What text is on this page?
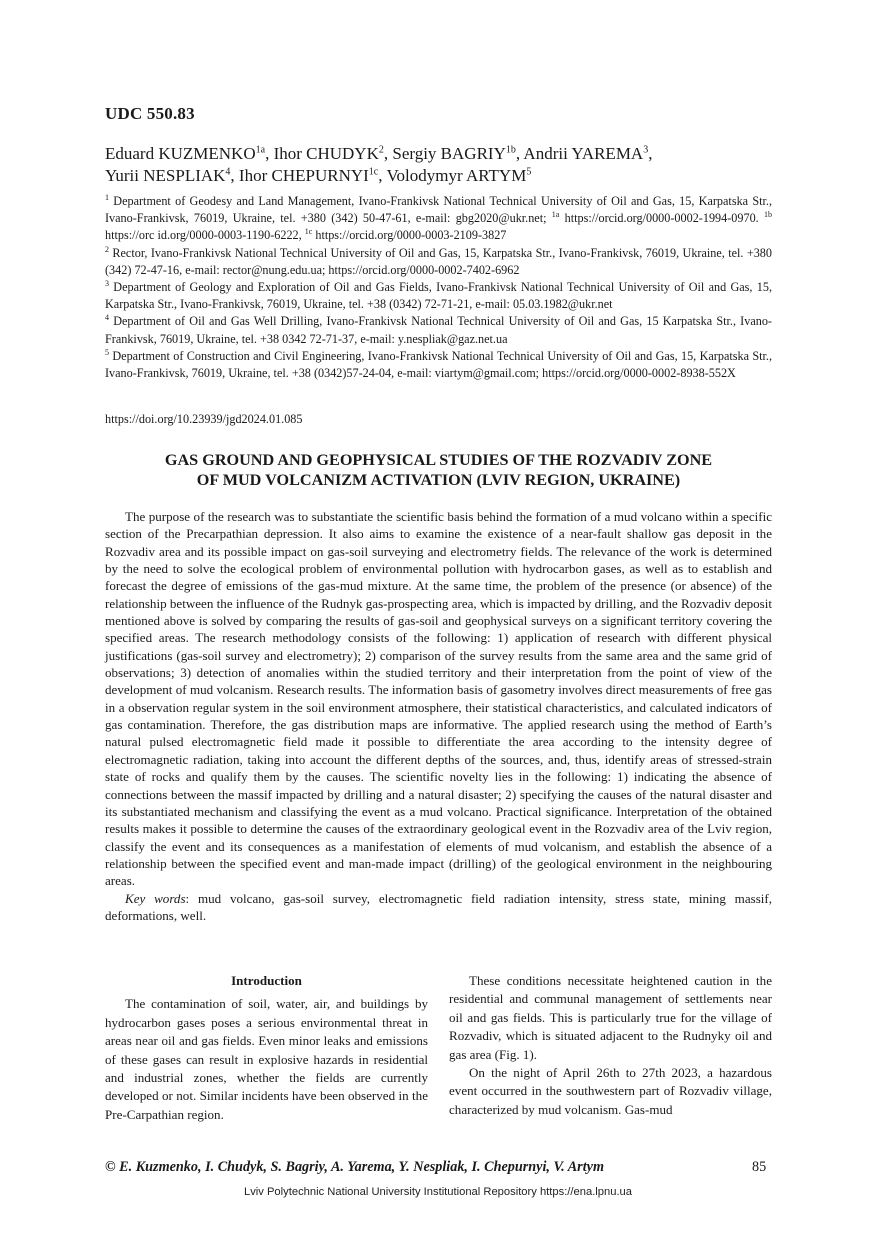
UDC 550.83
Eduard $KUZMENKO^{1a}$, Ihor CHUDYK$^2$, Sergiy $BAGRIY^{1b}$, Andrii YAREMA$^3$,
Yurii NESPLIAK$^4$, Ihor $CHEPURNYI^{1c}$, Volodymyr ARTYM$^5$

$^1$ Department of Geodesy and Land Management, Ivano-Frankivsk National Technical University of Oil and Gas, 15, Karpatska Str., Ivano-Frankivsk, 76019, Ukraine, tel. +380 (342) 50-47-61, e-mail: gbg2020@ukr.net; $^{1a}$ https://orcid.org/0000-0002-1994-0970. $^{1b}$ https://orc id.org/0000-0003-1190-6222, $^{1c}$ https://orcid.org/0000-0003-2109-3827

$^2$ Rector, Ivano-Frankivsk National Technical University of Oil and Gas, 15, Karpatska Str., Ivano-Frankivsk, 76019, Ukraine, tel. +380 (342) 72-47-16, e-mail: rector@nung.edu.ua; https://orcid.org/0000-0002-7402-6962

$^3$ Department of Geology and Exploration of Oil and Gas Fields, Ivano-Frankivsk National Technical University of Oil and Gas, 15, Karpatska Str., Ivano-Frankivsk, 76019, Ukraine, tel. +38 (0342) 72-71-21, e-mail: 05.03.1982@ukr.net

$^4$ Department of Oil and Gas Well Drilling, Ivano-Frankivsk National Technical University of Oil and Gas, 15 Karpatska Str., Ivano-Frankivsk, 76019, Ukraine, tel. +38 0342 72-71-37, e-mail: y.nespliak@gaz.net.ua

$^5$ Department of Construction and Civil Engineering, Ivano-Frankivsk National Technical University of Oil and Gas, 15, Karpatska Str., Ivano-Frankivsk, 76019, Ukraine, tel. +38 (0342)57-24-04, e-mail: viartym@gmail.com; https://orcid.org/0000-0002-8938-552X

https://doi.org/10.23939/jgd2024.01.085
GAS GROUND AND GEOPHYSICAL STUDIES OF THE ROZVADIV ZONE
OF MUD VOLCANIZM ACTIVATION (LVIV REGION, UKRAINE)

The purpose of the research was to substantiate the scientific basis behind the formation of a mud volcano within a specific section of the Precarpathian depression. It also aims to examine the existence of a near-fault shallow gas deposit in the Rozvadiv area and its possible impact on gas-soil surveying and electrometry fields. The relevance of the work is determined by the need to solve the ecological problem of environmental pollution with hydrocarbon gases, as well as to establish and forecast the degree of emissions of the gas-mud mixture. At the same time, the problem of the presence (or absence) of the relationship between the influence of the Rudnyk gas-prospecting area, which is impacted by drilling, and the Rozvadiv deposit mentioned above is solved by comparing the results of gas-soil and geophysical surveys on a significant territory covering the specified areas. The research methodology consists of the following: 1) application of research with different physical justifications (gas-soil survey and electrometry); 2) comparison of the survey results from the same area and the same grid of observations; 3) detection of anomalies within the studied territory and their interpretation from the point of view of the development of mud volcanism. Research results. The information basis of gasometry involves direct measurements of free gas in a observation regular system in the soil environment atmosphere, their statistical characteristics, and calculated indicators of gas contamination. Therefore, the gas distribution maps are informative. The applied research using the method of Earth’s natural pulsed electromagnetic field made it possible to differentiate the area according to the intensity degree of electromagnetic radiation, taking into account the different depths of the sources, and, thus, identify areas of stressed-strain state of rocks and qualify them by the causes. The scientific novelty lies in the following: 1) indicating the absence of connections between the massif impacted by drilling and a natural disaster; 2) specifying the causes of the natural disaster and its substantiated mechanism and classifying the event as a mud volcano. Practical significance. Interpretation of the obtained results makes it possible to determine the causes of the extraordinary geological event in the Rozvadiv area of the Lviv region, classify the event and its consequences as a manifestation of elements of mud volcanism, and establish the absence of a relationship between the specified event and man-made impact (drilling) of the geological environment in the neighbouring areas.

Key words: mud volcano, gas-soil survey, electromagnetic field radiation intensity, stress state, mining massif, deformations, well.

Introduction

The contamination of soil, water, air, and buildings by hydrocarbon gases poses a serious environmental threat in areas near oil and gas fields. Even minor leaks and emissions of these gases can result in explosive hazards in residential and industrial zones, whether the fields are currently developed or not. Similar incidents have been observed in the Pre-Carpathian region.

These conditions necessitate heightened caution in the residential and communal management of settlements near oil and gas fields. This is particularly true for the village of Rozvadiv, which is situated adjacent to the Rudnyky oil and gas area (Fig. 1).

On the night of April 26th to 27th 2023, a hazardous event occurred in the southwestern part of Rozvadiv village, characterized by mud volcanism. Gas-mud

© E. Kuzmenko, I. Chudyk, S. Bagriy, A. Yarema, Y. Nespliak, I. Chepurnyi, V. Artym	85
Lviv Polytechnic National University Institutional Repository https://ena.lpnu.ua
